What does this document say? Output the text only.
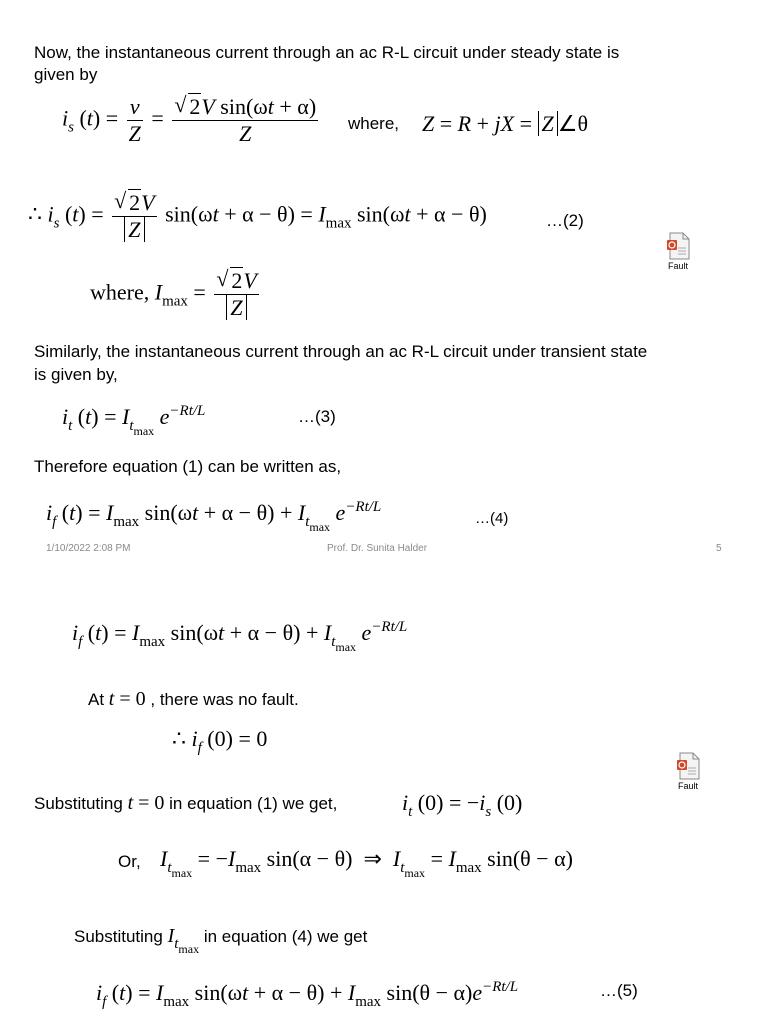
Now, the instantaneous current through an ac R-L circuit under steady state is
given by
$i_s$ $(t) = \frac{v}{Z}$ = √ $\frac{\text{2V sin(ωt + α)}}{Z}$ where, Z = R + jX = Z ∠θ
∴ $i_s$ (t) = √ $\frac{2V}{Z} \sin(\omega t + \alpha - \theta) = I_{max}$ sin(ωt + α − θ)	…(2)
Fault
where, $I_{max}$ = √ $\frac{2V}{Z}$
Similarly, the instantaneous current through an ac R-L circuit under transient state
is given by,
$i_t$ $(t) = I_{t_{max}}$ $e^{-Rt/L}$	…(3)
Therefore equation (1) can be written as,
$i_f$ $(t) = I_{max}$ $\sin(\omega t + \alpha - \theta) + I_{t_{max}}$ $e^{-Rt/L}$
…(4)
1/10/2022 2:08 PM	Prof. Dr. Sunita Halder	5
$i_f$ $(t) = I_{max}$ $\sin(\omega t + \alpha - \theta) + I_{t_{max}}$ $e^{-Rt/L}$
At t = 0 , there was no fault.
∴ $i_f$ (0) = 0
Fault
Substituting t = 0 in equation (1) we get,	$i_t$ $(0) = -i_s$ (0)
Or, $I_{t_{max}} = -I_{max}$ sin(α − θ)  ⇒  $I_{t_{max}} = I_{max}$ sin(θ − α)
Substituting $I_{t_{max}}$ in equation (4) we get
$i_f$ $(t) = I_{max}$ $\sin(\omega t + \alpha - \theta) + I_{max}$ $\sin(\theta - \alpha)e^{-Rt/L}$	…(5)
